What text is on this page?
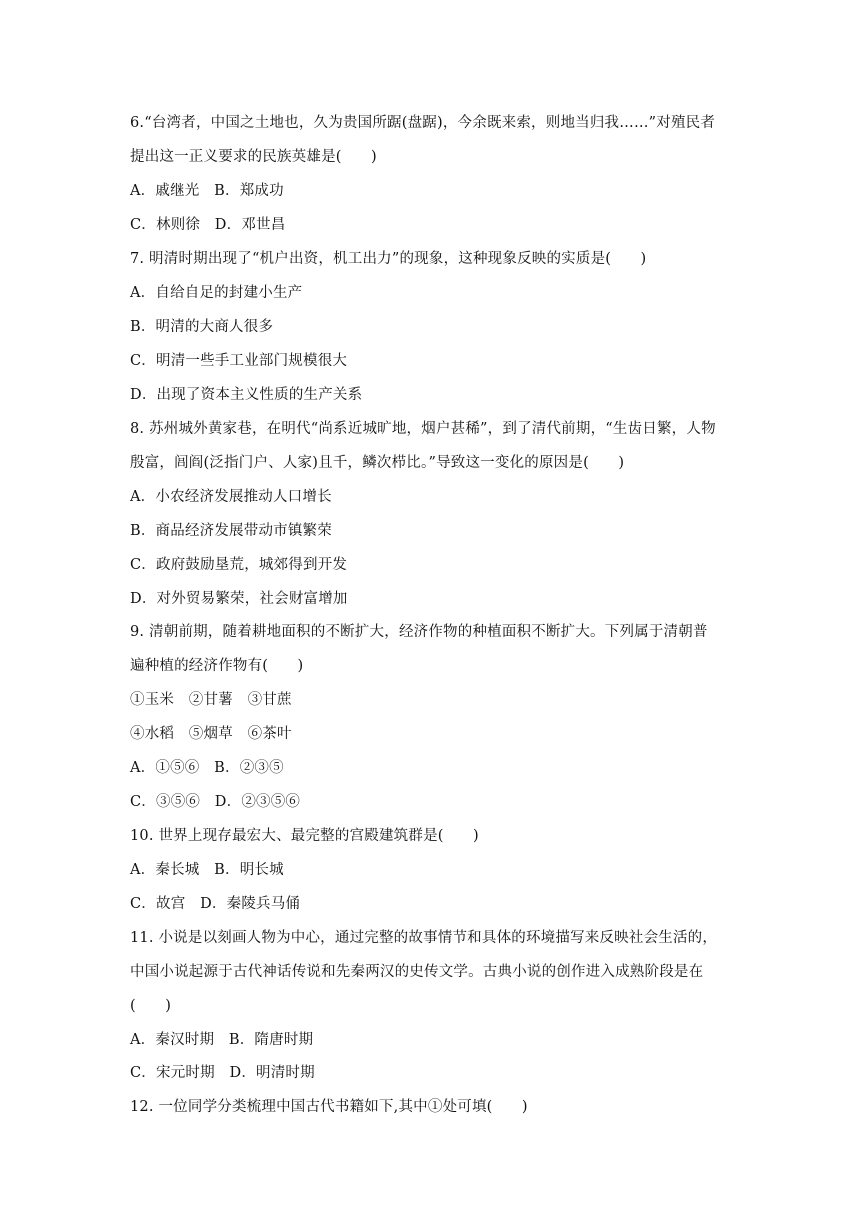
6.“台湾者，中国之土地也，久为贵国所踞(盘踞)，今余既来索，则地当归我……”对殖民者
提出这一正义要求的民族英雄是(　　)
A．戚继光　B．郑成功
C．林则徐　D．邓世昌
7. 明清时期出现了“机户出资，机工出力”的现象，这种现象反映的实质是(　　)
A．自给自足的封建小生产
B．明清的大商人很多
C．明清一些手工业部门规模很大
D．出现了资本主义性质的生产关系
8. 苏州城外黄家巷，在明代“尚系近城旷地，烟户甚稀”，到了清代前期，“生齿日繁，人物
殷富，闾阎(泛指门户、人家)且千，鳞次栉比。”导致这一变化的原因是(　　)
A．小农经济发展推动人口增长
B．商品经济发展带动市镇繁荣
C．政府鼓励垦荒，城郊得到开发
D．对外贸易繁荣，社会财富增加
9. 清朝前期，随着耕地面积的不断扩大，经济作物的种植面积不断扩大。下列属于清朝普
遍种植的经济作物有(　　)
①玉米　②甘薯　③甘蔗
④水稻　⑤烟草　⑥茶叶
A．①⑤⑥　B．②③⑤
C．③⑤⑥　D．②③⑤⑥
10. 世界上现存最宏大、最完整的宫殿建筑群是(　　)
A．秦长城　B．明长城
C．故宫　D．秦陵兵马俑
11. 小说是以刻画人物为中心，通过完整的故事情节和具体的环境描写来反映社会生活的，
中国小说起源于古代神话传说和先秦两汉的史传文学。古典小说的创作进入成熟阶段是在
(　　)
A．秦汉时期　B．隋唐时期
C．宋元时期　D．明清时期
12. 一位同学分类梳理中国古代书籍如下,其中①处可填(　　)
